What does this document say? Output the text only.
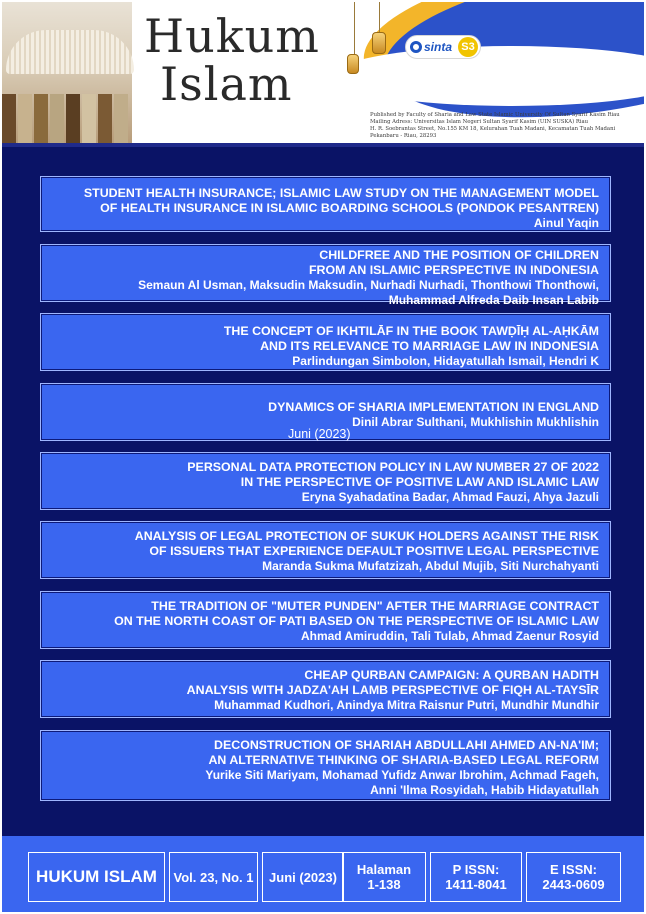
Hukum
Islam
sinta S3
Published by Faculty of Sharia and Law State Islamic University Of Sultan Syarif Kasim Riau
Mailing Adress: Universitas Islam Negeri Sultan Syarif Kasim (UIN SUSKA) Riau
H. R. Soebrantas Street, No.155 KM 18, Kelurahan Tuah Madani, Kecamatan Tuah Madani
Pekanbaru - Riau, 28293
STUDENT HEALTH INSURANCE; ISLAMIC LAW STUDY ON THE MANAGEMENT MODEL
OF HEALTH INSURANCE IN ISLAMIC BOARDING SCHOOLS (PONDOK PESANTREN)
Ainul Yaqin
CHILDFREE AND THE POSITION OF CHILDREN
FROM AN ISLAMIC PERSPECTIVE IN INDONESIA
Semaun Al Usman, Maksudin Maksudin, Nurhadi Nurhadi, Thonthowi Thonthowi,
Muhammad Alfreda Daib Insan Labib
THE CONCEPT OF IKHTILĀF IN THE BOOK TAWḌĪḤ AL-AḤKĀM
AND ITS RELEVANCE TO MARRIAGE LAW IN INDONESIA
Parlindungan Simbolon, Hidayatullah Ismail, Hendri K
DYNAMICS OF SHARIA IMPLEMENTATION IN ENGLAND
Dinil Abrar Sulthani, Mukhlishin Mukhlishin
Juni (2023)
PERSONAL DATA PROTECTION POLICY IN LAW NUMBER 27 OF 2022
IN THE PERSPECTIVE OF POSITIVE LAW AND ISLAMIC LAW
Eryna Syahadatina Badar, Ahmad Fauzi, Ahya Jazuli
ANALYSIS OF LEGAL PROTECTION OF SUKUK HOLDERS AGAINST THE RISK
OF ISSUERS THAT EXPERIENCE DEFAULT POSITIVE LEGAL PERSPECTIVE
Maranda Sukma Mufatzizah, Abdul Mujib, Siti Nurchahyanti
THE TRADITION OF "MUTER PUNDEN" AFTER THE MARRIAGE CONTRACT
ON THE NORTH COAST OF PATI BASED ON THE PERSPECTIVE OF ISLAMIC LAW
Ahmad Amiruddin, Tali Tulab, Ahmad Zaenur Rosyid
CHEAP QURBAN CAMPAIGN: A QURBAN HADITH
ANALYSIS WITH JADZA'AH LAMB PERSPECTIVE OF FIQH AL-TAYSĪR
Muhammad Kudhori, Anindya Mitra Raisnur Putri, Mundhir Mundhir
DECONSTRUCTION OF SHARIAH ABDULLAHI AHMED AN-NA'IM;
AN ALTERNATIVE THINKING OF SHARIA-BASED LEGAL REFORM
Yurike Siti Mariyam, Mohamad Yufidz Anwar Ibrohim, Achmad Fageh,
Anni 'Ilma Rosyidah, Habib Hidayatullah
HUKUM ISLAM Vol. 23, No. 1 Juni (2023) Halaman
1-138
P ISSN:
1411-8041
E ISSN:
2443-0609
